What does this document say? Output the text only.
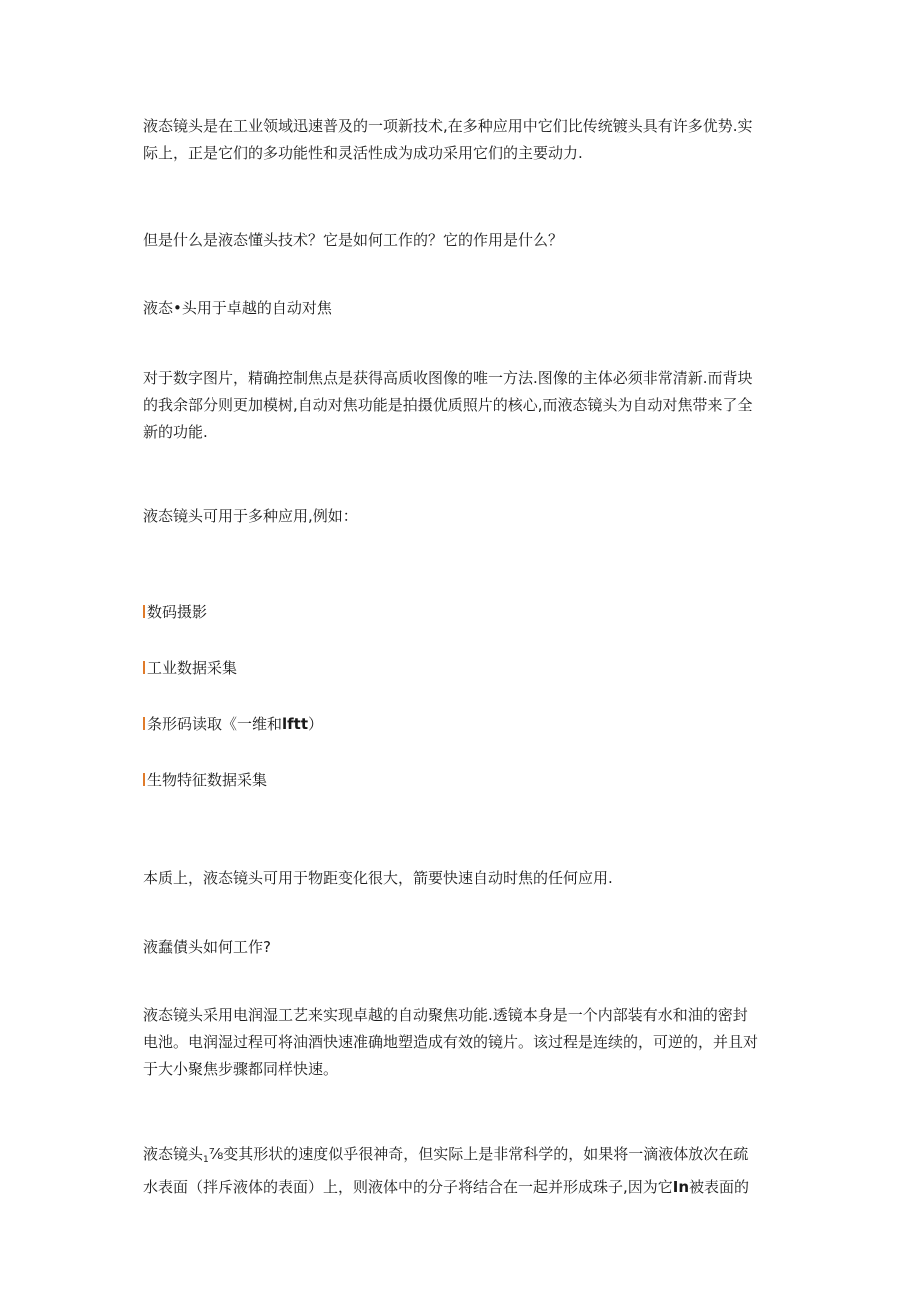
液态镜头是在工业领域迅速普及的一项新技术,在多种应用中它们比传统镀头具有许多优势.实
际上，正是它们的多功能性和灵活性成为成功采用它们的主要动力.
但是什么是液态懂头技术？它是如何工作的？它的作用是什么？
液态•头用于卓越的自动对焦
对于数字图片，精确控制焦点是获得高质收图像的唯一方法.图像的主体必须非常清新.而背块
的我余部分则更加模树,自动对焦功能是拍摄优质照片的核心,而液态镜头为自动对焦带来了全
新的功能.
液态镜头可用于多种应用,例如：
数码摄影
工业数据采集
条形码读取《一维和lftt）
生物特征数据采集
本质上，液态镜头可用于物距变化很大，箭要快速自动时焦的任何应用.
液蠢債头如何工作?
液态镜头采用电润湿工艺来实现卓越的自动聚焦功能.透镜本身是一个内部装有水和油的密封
电池。电润湿过程可将油酒快速准确地塑造成有效的镜片。该过程是连续的，可逆的，并且对
于大小聚焦步骤都同样快速。
液态镜头$_1$⅞变其形状的速度似乎很神奇，但实际上是非常科学的，如果将一滴液体放次在疏
水表面（拌斥液体的表面）上，则液体中的分子将结合在一起并形成珠子,因为它In被表面的
